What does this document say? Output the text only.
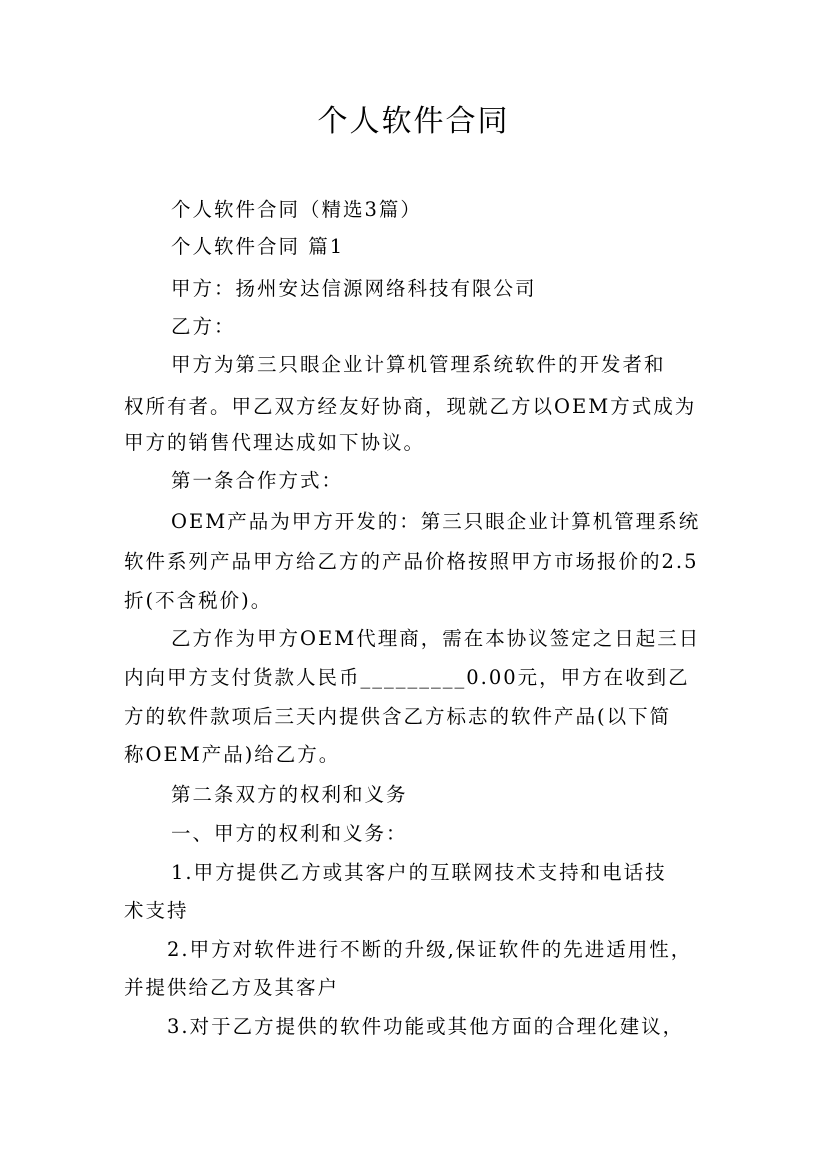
个人软件合同
个人软件合同（精选3篇）
个人软件合同 篇1
甲方：扬州安达信源网络科技有限公司
乙方：
甲方为第三只眼企业计算机管理系统软件的开发者和
权所有者。甲乙双方经友好协商，现就乙方以OEM方式成为
甲方的销售代理达成如下协议。
第一条合作方式：
OEM产品为甲方开发的：第三只眼企业计算机管理系统
软件系列产品甲方给乙方的产品价格按照甲方市场报价的2.5
折(不含税价)。
乙方作为甲方OEM代理商，需在本协议签定之日起三日
内向甲方支付货款人民币_________0.00元，甲方在收到乙
方的软件款项后三天内提供含乙方标志的软件产品(以下简
称OEM产品)给乙方。
第二条双方的权利和义务
一、甲方的权利和义务：
1.甲方提供乙方或其客户的互联网技术支持和电话技
术支持
2.甲方对软件进行不断的升级,保证软件的先进适用性，
并提供给乙方及其客户
3.对于乙方提供的软件功能或其他方面的合理化建议，
